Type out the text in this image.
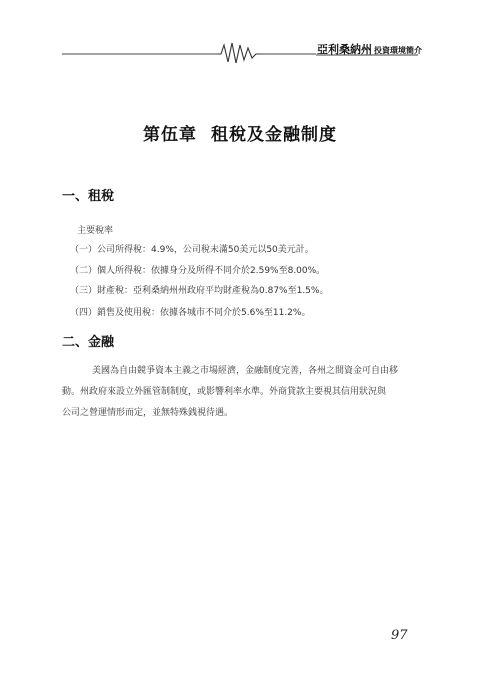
亞利桑納州 投資環境簡介
第伍章 租稅及金融制度
一、租稅
主要稅率
（一）公司所得稅：4.9%，公司稅未滿50美元以50美元計。
（二）個人所得稅：依據身分及所得不同介於2.59%至8.00%。
（三）財產稅：亞利桑納州州政府平均財產稅為0.87%至1.5%。
（四）銷售及使用稅：依據各城市不同介於5.6%至11.2%。
二、金融
美國為自由競爭資本主義之市場經濟，金融制度完善，各州之間資金可自由移
動。州政府來設立外匯管制制度，或影響利率水準。外商貸款主要視其信用狀況與
公司之營運情形而定，並無特殊銭視待遇。
97
